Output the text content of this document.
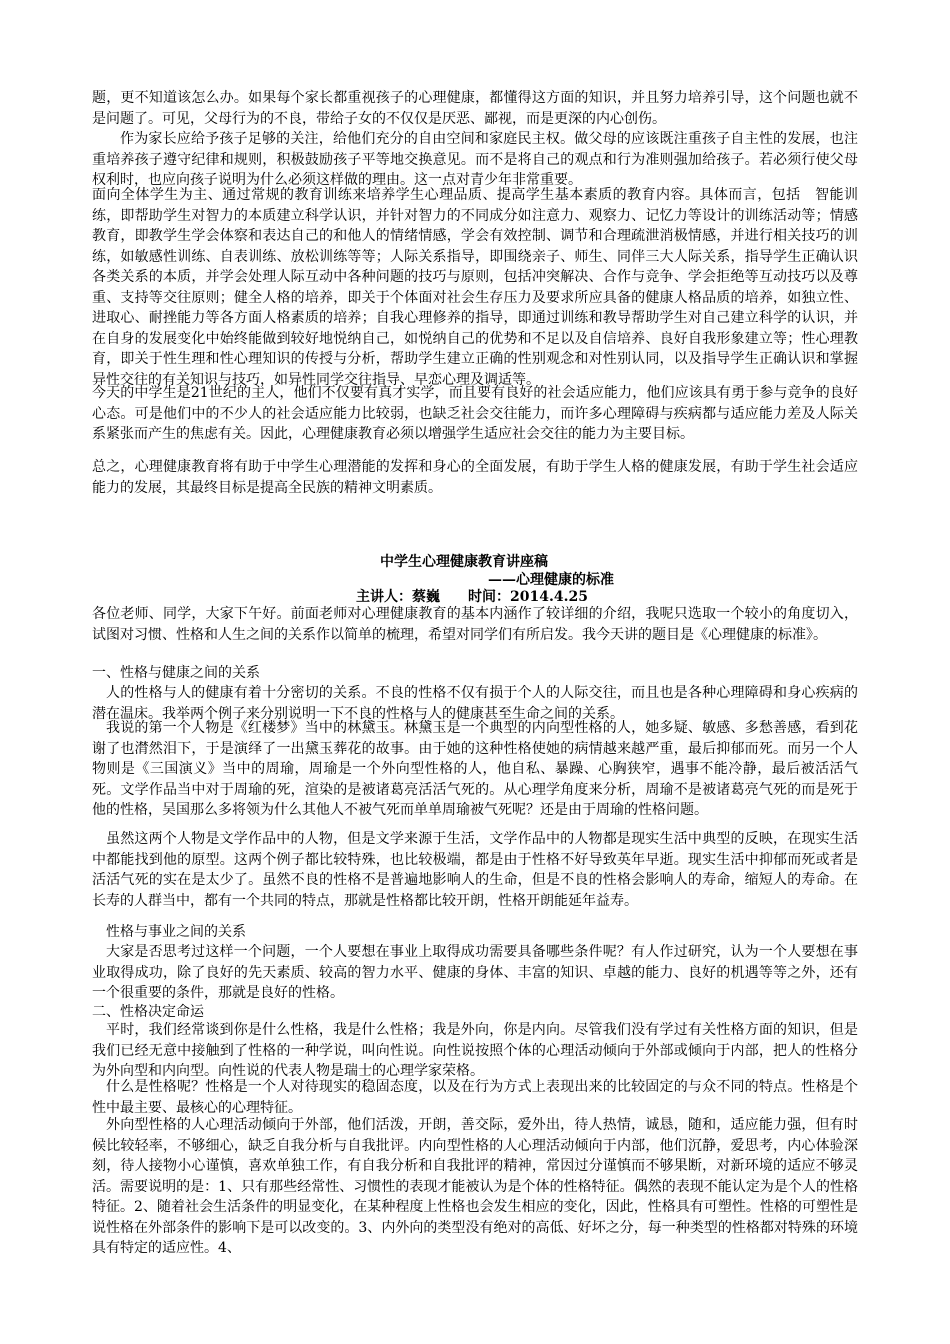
题，更不知道该怎么办。如果每个家长都重视孩子的心理健康，都懂得这方面的知识，并且努力培养引导，这个问题也就不是问题了。可见，父母行为的不良，带给子女的不仅仅是厌恶、鄙视，而是更深的内心创伤。

作为家长应给予孩子足够的关注，给他们充分的自由空间和家庭民主权。做父母的应该既注重孩子自主性的发展，也注重培养孩子遵守纪律和规则，积极鼓励孩子平等地交换意见。而不是将自己的观点和行为准则强加给孩子。若必须行使父母权利时，也应向孩子说明为什么必须这样做的理由。这一点对青少年非常重要。

面向全体学生为主、通过常规的教育训练来培养学生心理品质、提高学生基本素质的教育内容。具体而言，包括　智能训练，即帮助学生对智力的本质建立科学认识，并针对智力的不同成分如注意力、观察力、记忆力等设计的训练活动等；情感教育，即教学生学会体察和表达自己的和他人的情绪情感，学会有效控制、调节和合理疏泄消极情感，并进行相关技巧的训练，如敏感性训练、自表训练、放松训练等等；人际关系指导，即围绕亲子、师生、同伴三大人际关系，指导学生正确认识各类关系的本质，并学会处理人际互动中各种问题的技巧与原则，包括冲突解决、合作与竞争、学会拒绝等互动技巧以及尊重、支持等交往原则；健全人格的培养，即关于个体面对社会生存压力及要求所应具备的健康人格品质的培养，如独立性、进取心、耐挫能力等各方面人格素质的培养；自我心理修养的指导，即通过训练和教导帮助学生对自己建立科学的认识，并在自身的发展变化中始终能做到较好地悦纳自己，如悦纳自己的优势和不足以及自信培养、良好自我形象建立等；性心理教育，即关于性生理和性心理知识的传授与分析，帮助学生建立正确的性别观念和对性别认同，以及指导学生正确认识和掌握异性交往的有关知识与技巧，如异性同学交往指导、早恋心理及调适等。

今天的中学生是21世纪的主人，他们不仅要有真才实学，而且要有良好的社会适应能力，他们应该具有勇于参与竞争的良好心态。可是他们中的不少人的社会适应能力比较弱，也缺乏社会交往能力，而许多心理障碍与疾病都与适应能力差及人际关系紧张而产生的焦虑有关。因此，心理健康教育必须以增强学生适应社会交往的能力为主要目标。

总之，心理健康教育将有助于中学生心理潜能的发挥和身心的全面发展，有助于学生人格的健康发展，有助于学生社会适应能力的发展，其最终目标是提高全民族的精神文明素质。

中学生心理健康教育讲座稿

——心理健康的标准

主讲人：蔡巍　　时间：2014.4.25

各位老师、同学，大家下午好。前面老师对心理健康教育的基本内涵作了较详细的介绍，我呢只选取一个较小的角度切入，试图对习惯、性格和人生之间的关系作以简单的梳理，希望对同学们有所启发。我今天讲的题目是《心理健康的标准》。

一、性格与健康之间的关系

人的性格与人的健康有着十分密切的关系。不良的性格不仅有损于个人的人际交往，而且也是各种心理障碍和身心疾病的潜在温床。我举两个例子来分别说明一下不良的性格与人的健康甚至生命之间的关系。

我说的第一个人物是《红楼梦》当中的林黛玉。林黛玉是一个典型的内向型性格的人，她多疑、敏感、多愁善感，看到花谢了也潸然泪下，于是演绎了一出黛玉葬花的故事。由于她的这种性格使她的病情越来越严重，最后抑郁而死。而另一个人物则是《三国演义》当中的周瑜，周瑜是一个外向型性格的人，他自私、暴躁、心胸狭窄，遇事不能冷静，最后被活活气死。文学作品当中对于周瑜的死，渲染的是被诸葛亮活活气死的。从心理学角度来分析，周瑜不是被诸葛亮气死的而是死于他的性格，吴国那么多将领为什么其他人不被气死而单单周瑜被气死呢？还是由于周瑜的性格问题。

虽然这两个人物是文学作品中的人物，但是文学来源于生活，文学作品中的人物都是现实生活中典型的反映，在现实生活中都能找到他的原型。这两个例子都比较特殊，也比较极端，都是由于性格不好导致英年早逝。现实生活中抑郁而死或者是活活气死的实在是太少了。虽然不良的性格不是普遍地影响人的生命，但是不良的性格会影响人的寿命，缩短人的寿命。在长寿的人群当中，都有一个共同的特点，那就是性格都比较开朗，性格开朗能延年益寿。

性格与事业之间的关系

大家是否思考过这样一个问题，一个人要想在事业上取得成功需要具备哪些条件呢？有人作过研究，认为一个人要想在事业取得成功，除了良好的先天素质、较高的智力水平、健康的身体、丰富的知识、卓越的能力、良好的机遇等等之外，还有一个很重要的条件，那就是良好的性格。

二、性格决定命运

平时，我们经常谈到你是什么性格，我是什么性格；我是外向，你是内向。尽管我们没有学过有关性格方面的知识，但是我们已经无意中接触到了性格的一种学说，叫向性说。向性说按照个体的心理活动倾向于外部或倾向于内部，把人的性格分为外向型和内向型。向性说的代表人物是瑞士的心理学家荣格。

什么是性格呢？性格是一个人对待现实的稳固态度，以及在行为方式上表现出来的比较固定的与众不同的特点。性格是个性中最主要、最核心的心理特征。

外向型性格的人心理活动倾向于外部，他们活泼，开朗，善交际，爱外出，待人热情，诚恳，随和，适应能力强，但有时候比较轻率，不够细心，缺乏自我分析与自我批评。内向型性格的人心理活动倾向于内部，他们沉静，爱思考，内心体验深刻，待人接物小心谨慎，喜欢单独工作，有自我分析和自我批评的精神，常因过分谨慎而不够果断，对新环境的适应不够灵活。需要说明的是：1、只有那些经常性、习惯性的表现才能被认为是个体的性格特征。偶然的表现不能认定为是个人的性格特征。2、随着社会生活条件的明显变化，在某种程度上性格也会发生相应的变化，因此，性格具有可塑性。性格的可塑性是说性格在外部条件的影响下是可以改变的。3、内外向的类型没有绝对的高低、好坏之分，每一种类型的性格都对特殊的环境具有特定的适应性。4、
